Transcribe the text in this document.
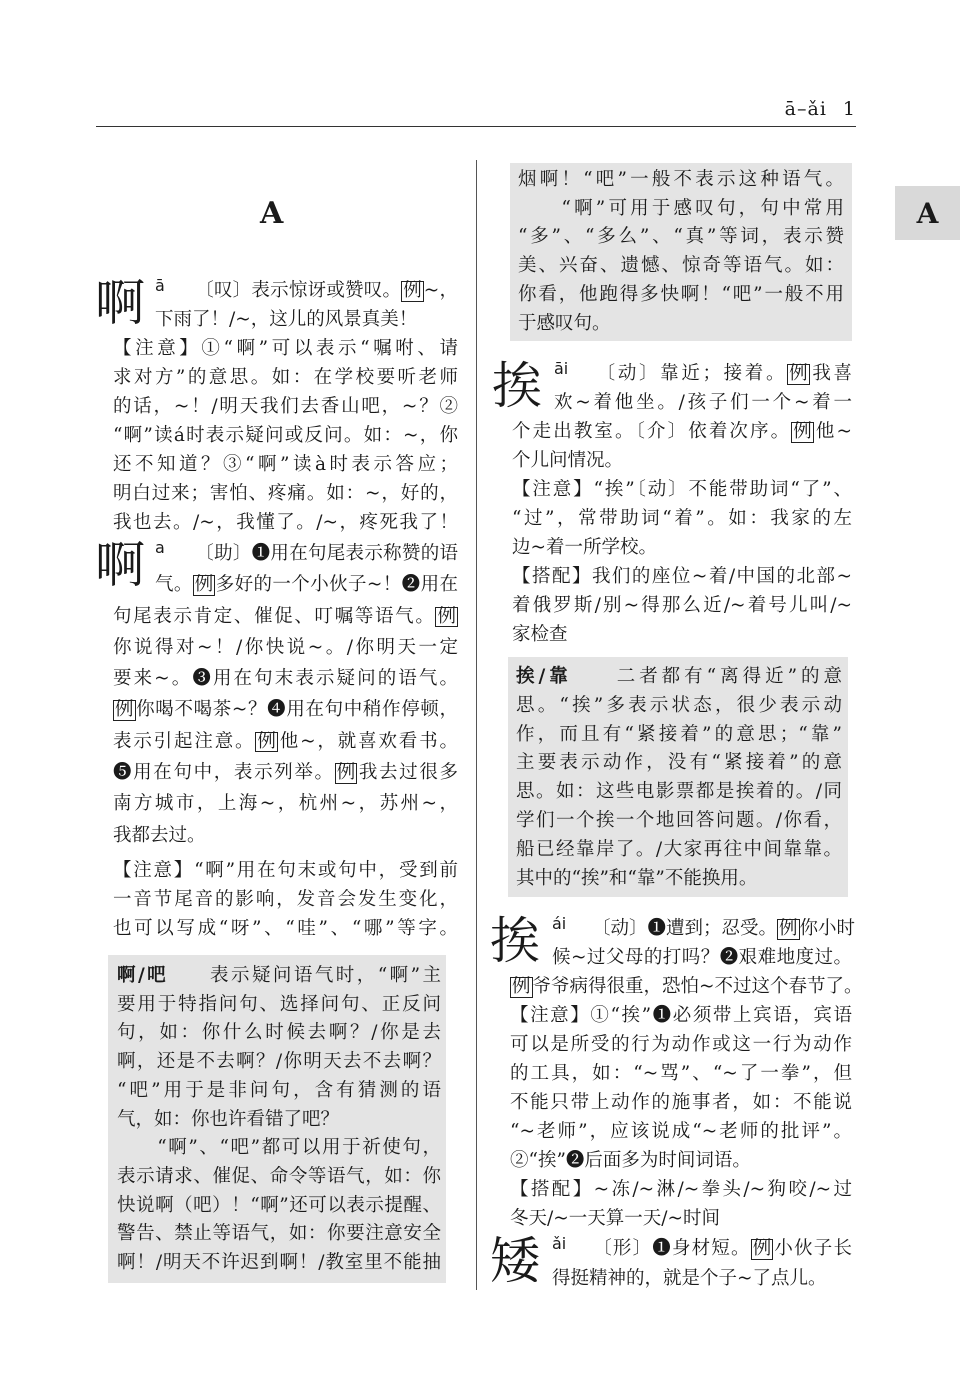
ā–ǎi 1
A	A
啊 ā 〔叹〕表示惊讶或赞叹。 例 ~，
下雨了！/~，这儿的风景真美！
【注意】①“啊”可以表示“嘱咐、请
求对方”的意思。如：在学校要听老师
的话，~！/明天我们去香山吧，~？②
“啊”读á时表示疑问或反问。如：~，你
还不知道？③“啊”读à时表示答应；
明白过来；害怕、疼痛。如：~，好的，
我也去。/~，我懂了。/~，疼死我了！
啊 a 〔助〕❶用在句尾表示称赞的语
气。 例 多好的一个小伙子~！❷用在
句尾表示肯定、催促、叮嘱等语气。 例
你说得对~！/你快说~。/你明天一定
要来~。❸用在句末表示疑问的语气。
例 你喝不喝茶~？❹用在句中稍作停顿，
表示引起注意。 例 他~，就喜欢看书。
❺用在句中，表示列举。 例 我去过很多
南方城市，上海~，杭州~，苏州~，
我都去过。
【注意】“啊”用在句末或句中，受到前
一音节尾音的影响，发音会发生变化，
也可以写成“呀”、“哇”、“哪”等字。
啊/吧　　表示疑问语气时，“啊”主
要用于特指问句、选择问句、正反问
句，如：你什么时候去啊？/你是去
啊，还是不去啊？/你明天去不去啊？
“吧”用于是非问句，含有猜测的语
气，如：你也许看错了吧？
　　“啊”、“吧”都可以用于祈使句，
表示请求、催促、命令等语气，如：你
快说啊（吧）！“啊”还可以表示提醒、
警告、禁止等语气，如：你要注意安全
啊！/明天不许迟到啊！/教室里不能抽
烟啊！“吧”一般不表示这种语气。
　　“啊”可用于感叹句，句中常用
“多”、“多么”、“真”等词，表示赞
美、兴奋、遗憾、惊奇等语气。如：
你看，他跑得多快啊！“吧”一般不用
于感叹句。
挨 āi 〔动〕靠近；接着。 例 我喜
欢~着他坐。/孩子们一个~着一
个走出教室。〔介〕依着次序。 例 他~
个儿问情况。
【注意】“挨”〔动〕不能带助词“了”、
“过”，常带助词“着”。如：我家的左
边~着一所学校。
【搭配】我们的座位~着/中国的北部~
着俄罗斯/别~得那么近/~着号儿叫/~
家检查
挨/靠　　二者都有“离得近”的意
思。“挨”多表示状态，很少表示动
作，而且有“紧接着”的意思；“靠”
主要表示动作，没有“紧接着”的意
思。如：这些电影票都是挨着的。/同
学们一个挨一个地回答问题。/你看，
船已经靠岸了。/大家再往中间靠靠。
其中的“挨”和“靠”不能换用。
挨 ái 〔动〕❶遭到；忍受。 例 你小时
候~过父母的打吗？❷艰难地度过。
例 爷爷病得很重，恐怕~不过这个春节了。
【注意】①“挨”❶必须带上宾语，宾语
可以是所受的行为动作或这一行为动作
的工具，如：“~骂”、“~了一拳”，但
不能只带上动作的施事者，如：不能说
“~老师”，应该说成“~老师的批评”。
②“挨”❷后面多为时间词语。
【搭配】~冻/~淋/~拳头/~狗咬/~过
冬天/~一天算一天/~时间
矮 ǎi 〔形〕❶身材短。 例 小伙子长
得挺精神的，就是个子~了点儿。
